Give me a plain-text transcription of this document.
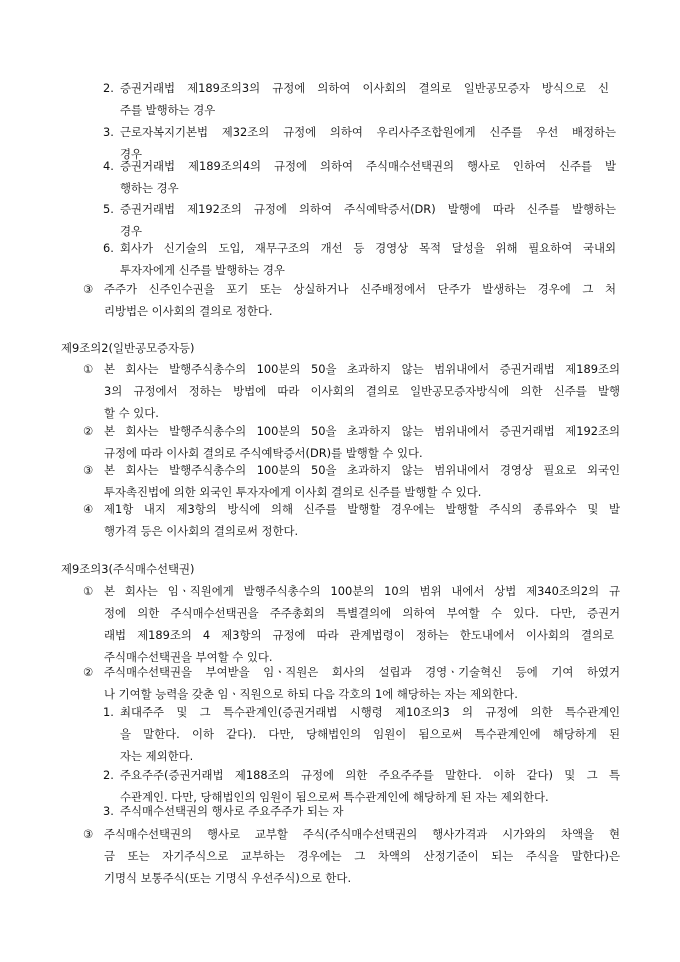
2. 증권거래법 제189조의3의 규정에 의하여 이사회의 결의로 일반공모증자 방식으로 신
주를 발행하는 경우
3. 근로자복지기본법 제32조의 규정에 의하여 우리사주조합원에게 신주를 우선 배정하는
경우
4. 증권거래법 제189조의4의 규정에 의하여 주식매수선택권의 행사로 인하여 신주를 발
행하는 경우
5. 증권거래법 제192조의 규정에 의하여 주식예탁증서(DR) 발행에 따라 신주를 발행하는
경우
6. 회사가 신기술의 도입, 재무구조의 개선 등 경영상 목적 달성을 위해 필요하여 국내외
투자자에게 신주를 발행하는 경우
③ 주주가 신주인수권을 포기 또는 상실하거나 신주배정에서 단주가 발생하는 경우에 그 처
리방법은 이사회의 결의로 정한다.
제9조의2(일반공모증자등)
① 본 회사는 발행주식총수의 100분의 50을 초과하지 않는 범위내에서 증권거래법 제189조의
3의 규정에서 정하는 방법에 따라 이사회의 결의로 일반공모증자방식에 의한 신주를 발행
할 수 있다.
② 본 회사는 발행주식총수의 100분의 50을 초과하지 않는 범위내에서 증권거래법 제192조의
규정에 따라 이사회 결의로 주식예탁증서(DR)를 발행할 수 있다.
③ 본 회사는 발행주식총수의 100분의 50을 초과하지 않는 범위내에서 경영상 필요로 외국인
투자촉진법에 의한 외국인 투자자에게 이사회 결의로 신주를 발행할 수 있다.
④ 제1항 내지 제3항의 방식에 의해 신주를 발행할 경우에는 발행할 주식의 종류와수 및 발
행가격 등은 이사회의 결의로써 정한다.
제9조의3(주식매수선택권)
① 본 회사는 임ㆍ직원에게 발행주식총수의 100분의 10의 범위 내에서 상법 제340조의2의 규
정에 의한 주식매수선택권을 주주총회의 특별결의에 의하여 부여할 수 있다. 다만, 증권거
래법 제189조의 4 제3항의 규정에 따라 관계법령이 정하는 한도내에서 이사회의 결의로
주식매수선택권을 부여할 수 있다.
② 주식매수선택권을 부여받을 임ㆍ직원은 회사의 설립과 경영ㆍ기술혁신 등에 기여 하였거
나 기여할 능력을 갖춘 임ㆍ직원으로 하되 다음 각호의 1에 해당하는 자는 제외한다.
1. 최대주주 및 그 특수관계인(증권거래법 시행령 제10조의3 의 규정에 의한 특수관계인
을 말한다. 이하 같다). 다만, 당해법인의 임원이 됨으로써 특수관계인에 해당하게 된
자는 제외한다.
2. 주요주주(증권거래법 제188조의 규정에 의한 주요주주를 말한다. 이하 같다) 및 그 특
수관계인. 다만, 당해법인의 임원이 됨으로써 특수관계인에 해당하게 된 자는 제외한다.
3. 주식매수선택권의 행사로 주요주주가 되는 자
③ 주식매수선택권의 행사로 교부할 주식(주식매수선택권의 행사가격과 시가와의 차액을 현
금 또는 자기주식으로 교부하는 경우에는 그 차액의 산정기준이 되는 주식을 말한다)은
기명식 보통주식(또는 기명식 우선주식)으로 한다.
